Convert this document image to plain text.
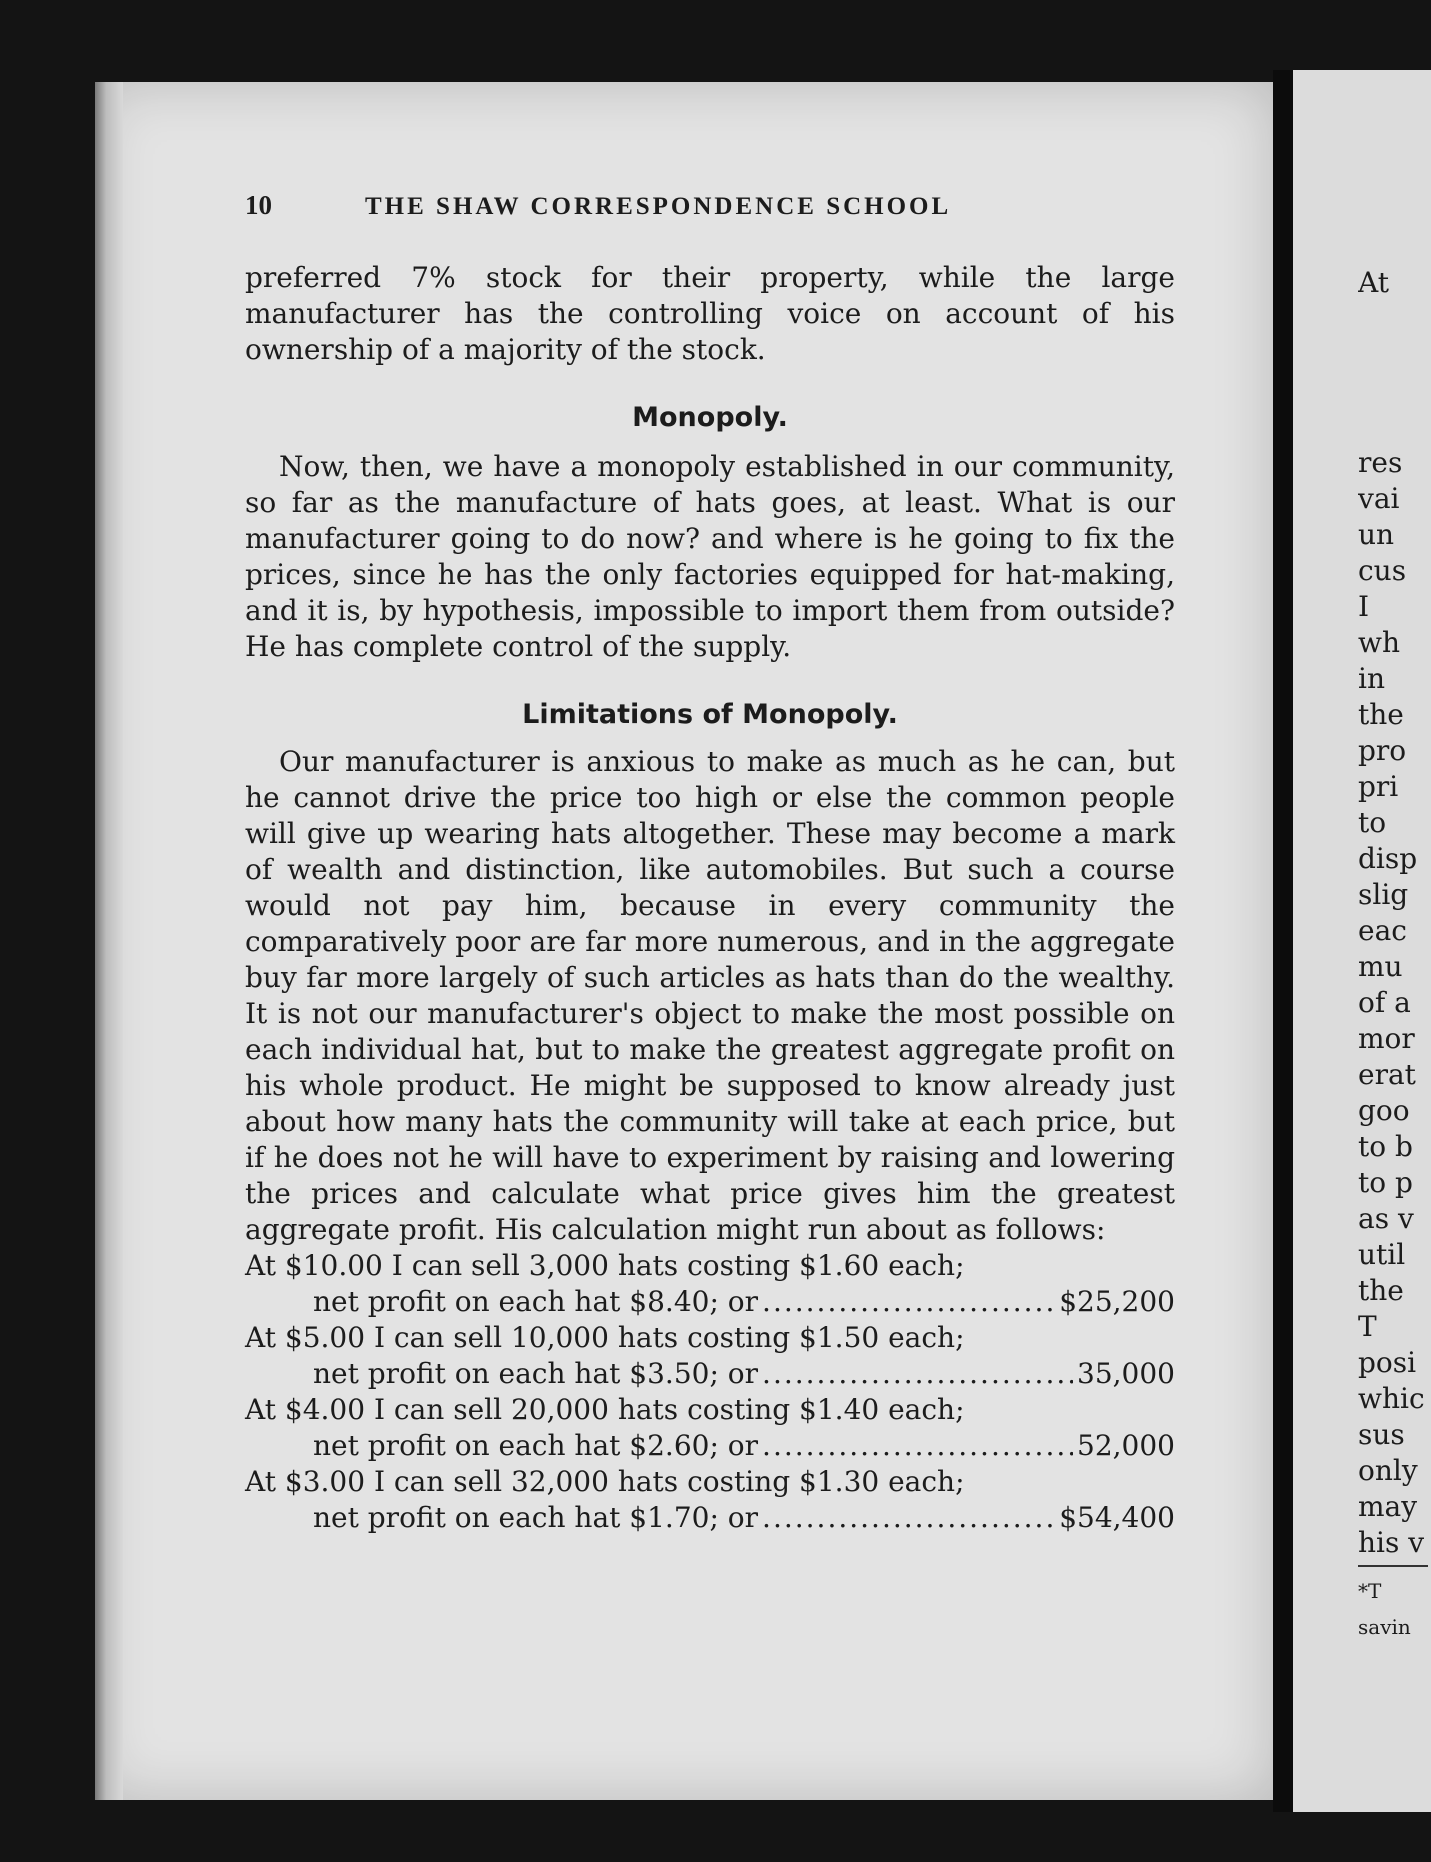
10	THE SHAW CORRESPONDENCE SCHOOL

preferred 7% stock for their property, while the large manufacturer has the controlling voice on account of his ownership of a majority of the stock.

Monopoly.

Now, then, we have a monopoly established in our community, so far as the manufacture of hats goes, at least. What is our manufacturer going to do now? and where is he going to fix the prices, since he has the only factories equipped for hat-making, and it is, by hypothesis, impossible to import them from outside? He has complete control of the supply.

Limitations of Monopoly.

Our manufacturer is anxious to make as much as he can, but he cannot drive the price too high or else the common people will give up wearing hats altogether. These may become a mark of wealth and distinction, like automobiles. But such a course would not pay him, because in every community the comparatively poor are far more numerous, and in the aggregate buy far more largely of such articles as hats than do the wealthy. It is not our manufacturer's object to make the most possible on each individual hat, but to make the greatest aggregate profit on his whole product. He might be supposed to know already just about how many hats the community will take at each price, but if he does not he will have to experiment by raising and lowering the prices and calculate what price gives him the greatest aggregate profit. His calculation might run about as follows:

At $10.00 I can sell 3,000 hats costing $1.60 each;
net profit on each hat $8.40; or .....	$25,200
At $5.00 I can sell 10,000 hats costing $1.50 each;
net profit on each hat $3.50; or .....	35,000
At $4.00 I can sell 20,000 hats costing $1.40 each;
net profit on each hat $2.60; or .....	52,000
At $3.00 I can sell 32,000 hats costing $1.30 each;
net profit on each hat $1.70; or .....	$54,400
At
res
vai
un
cus
I
wh
in
the
pro
pri
to
disp
slig
eac
mu
of a
mor
erat
goo
to b
to p
as v
util
the
T
posi
whic
sus
only
may
his v
*T
savin
